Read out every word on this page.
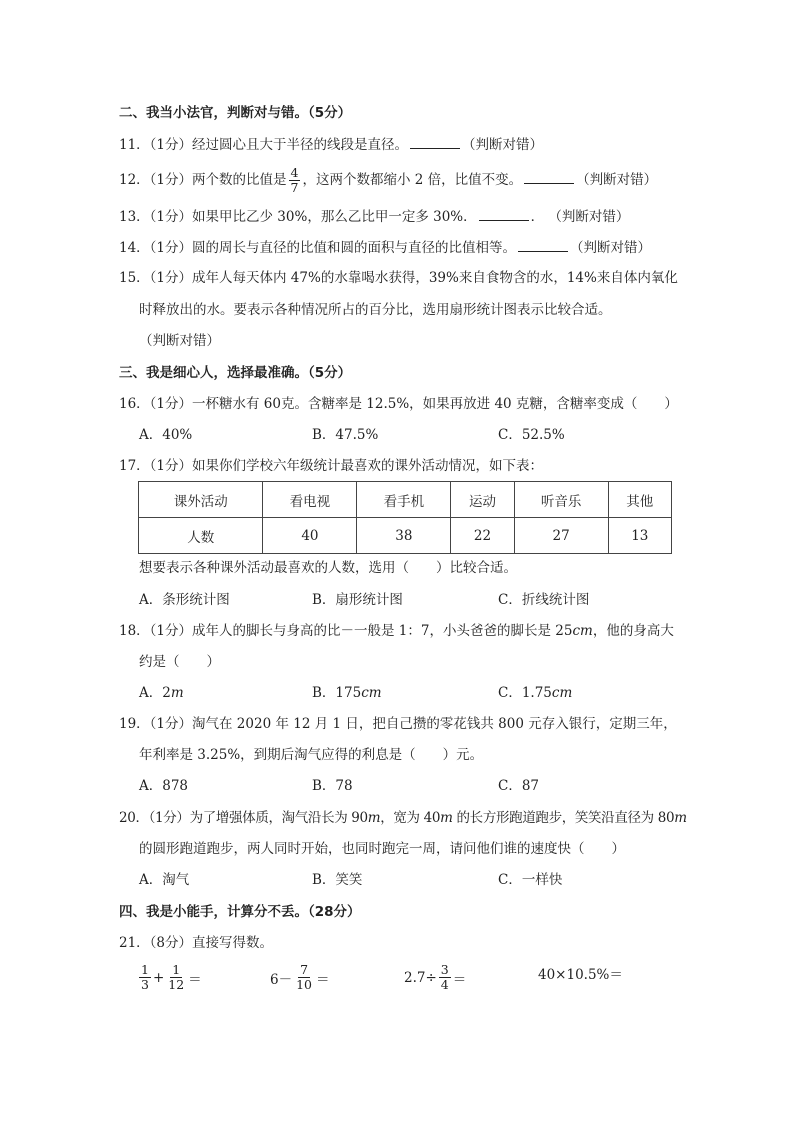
二、我当小法官，判断对与错。（5分）
11．（1分）经过圆心且大于半径的线段是直径。	（判断对错）
12．（1分）两个数的比值是 $\frac{4}{7}$ ，这两个数都缩小 2 倍，比值不变。	（判断对错）
13．（1分）如果甲比乙少 30%，那么乙比甲一定多 30%．	． （判断对错）
14．（1分）圆的周长与直径的比值和圆的面积与直径的比值相等。	（判断对错）
15．（1分）成年人每天体内 47%的水靠喝水获得，39%来自食物含的水，14%来自体内氧化
时释放出的水。要表示各种情况所占的百分比，选用扇形统计图表示比较合适。
（判断对错）
三、我是细心人，选择最准确。（5分）
16．（1分）一杯糖水有 60克。含糖率是 12.5%，如果再放进 40 克糖，含糖率变成（　　）
A．40%	B．47.5%	C．52.5%
17．（1分）如果你们学校六年级统计最喜欢的课外活动情况，如下表：
课外活动	看电视	看手机	运动	听音乐	其他
人数	40	38	22	27	13
想要表示各种课外活动最喜欢的人数，选用（　　）比较合适。
A．条形统计图	B．扇形统计图	C．折线统计图
18．（1分）成年人的脚长与身高的比－一般是 1：7，小头爸爸的脚长是 25cm，他的身高大
约是（　　）
A．2m	B．175cm	C．1.75cm
19．（1分）淘气在 2020 年 12 月 1 日，把自己攒的零花钱共 800 元存入银行，定期三年，
年利率是 3.25%，到期后淘气应得的利息是（　　）元。
A．878	B．78	C．87
20．（1分）为了增强体质，淘气沿长为 90m，宽为 40m 的长方形跑道跑步，笑笑沿直径为 80m
的圆形跑道跑步，两人同时开始，也同时跑完一周，请问他们谁的速度快（　　）
A．淘气	B．笑笑	C．一样快
四、我是小能手，计算分不丢。（28分）
21．（8分）直接写得数。
$\frac{1}{3} + \frac{1}{12}$ ＝	$6- \frac{7}{10}$ ＝	$2.7\div \frac{3}{4}$ ＝	40×10.5%＝
